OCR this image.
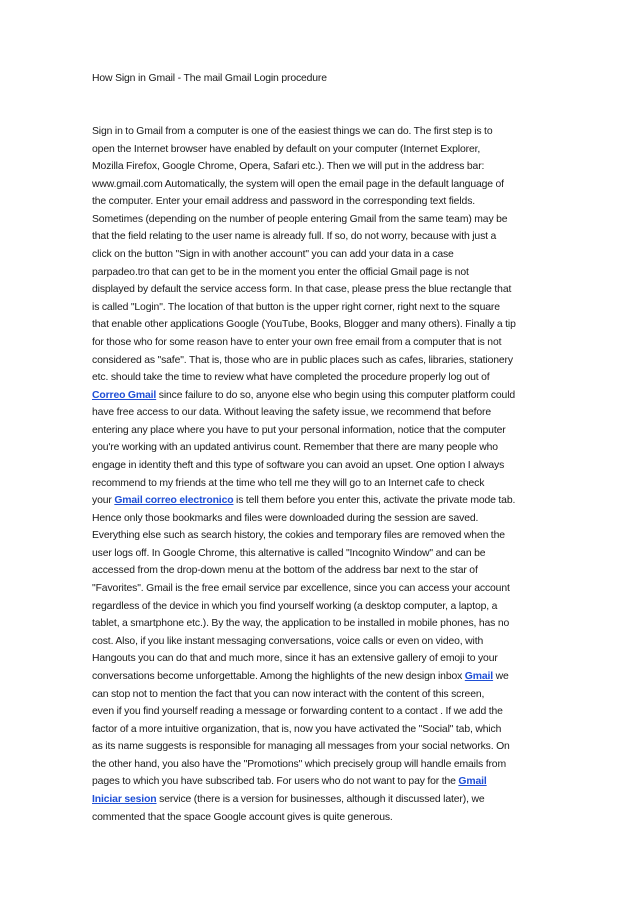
How Sign in Gmail - The mail Gmail Login procedure
Sign in to Gmail from a computer is one of the easiest things we can do. The first step is to
open the Internet browser have enabled by default on your computer (Internet Explorer,
Mozilla Firefox, Google Chrome, Opera, Safari etc.). Then we will put in the address bar:
www.gmail.com Automatically, the system will open the email page in the default language of
the computer. Enter your email address and password in the corresponding text fields.
Sometimes (depending on the number of people entering Gmail from the same team) may be
that the field relating to the user name is already full. If so, do not worry, because with just a
click on the button "Sign in with another account" you can add your data in a case
parpadeo.tro that can get to be in the moment you enter the official Gmail page is not
displayed by default the service access form. In that case, please press the blue rectangle that
is called "Login". The location of that button is the upper right corner, right next to the square
that enable other applications Google (YouTube, Books, Blogger and many others). Finally a tip
for those who for some reason have to enter your own free email from a computer that is not
considered as "safe". That is, those who are in public places such as cafes, libraries, stationery
etc. should take the time to review what have completed the procedure properly log out of
Correo Gmail since failure to do so, anyone else who begin using this computer platform could
have free access to our data. Without leaving the safety issue, we recommend that before
entering any place where you have to put your personal information, notice that the computer
you're working with an updated antivirus count. Remember that there are many people who
engage in identity theft and this type of software you can avoid an upset. One option I always
recommend to my friends at the time who tell me they will go to an Internet cafe to check
your Gmail correo electronico is tell them before you enter this, activate the private mode tab.
Hence only those bookmarks and files were downloaded during the session are saved.
Everything else such as search history, the cokies and temporary files are removed when the
user logs off. In Google Chrome, this alternative is called "Incognito Window" and can be
accessed from the drop-down menu at the bottom of the address bar next to the star of
"Favorites". Gmail is the free email service par excellence, since you can access your account
regardless of the device in which you find yourself working (a desktop computer, a laptop, a
tablet, a smartphone etc.). By the way, the application to be installed in mobile phones, has no
cost. Also, if you like instant messaging conversations, voice calls or even on video, with
Hangouts you can do that and much more, since it has an extensive gallery of emoji to your
conversations become unforgettable. Among the highlights of the new design inbox Gmail we
can stop not to mention the fact that you can now interact with the content of this screen,
even if you find yourself reading a message or forwarding content to a contact . If we add the
factor of a more intuitive organization, that is, now you have activated the "Social" tab, which
as its name suggests is responsible for managing all messages from your social networks. On
the other hand, you also have the "Promotions" which precisely group will handle emails from
pages to which you have subscribed tab. For users who do not want to pay for the Gmail
Iniciar sesion service (there is a version for businesses, although it discussed later), we
commented that the space Google account gives is quite generous.
